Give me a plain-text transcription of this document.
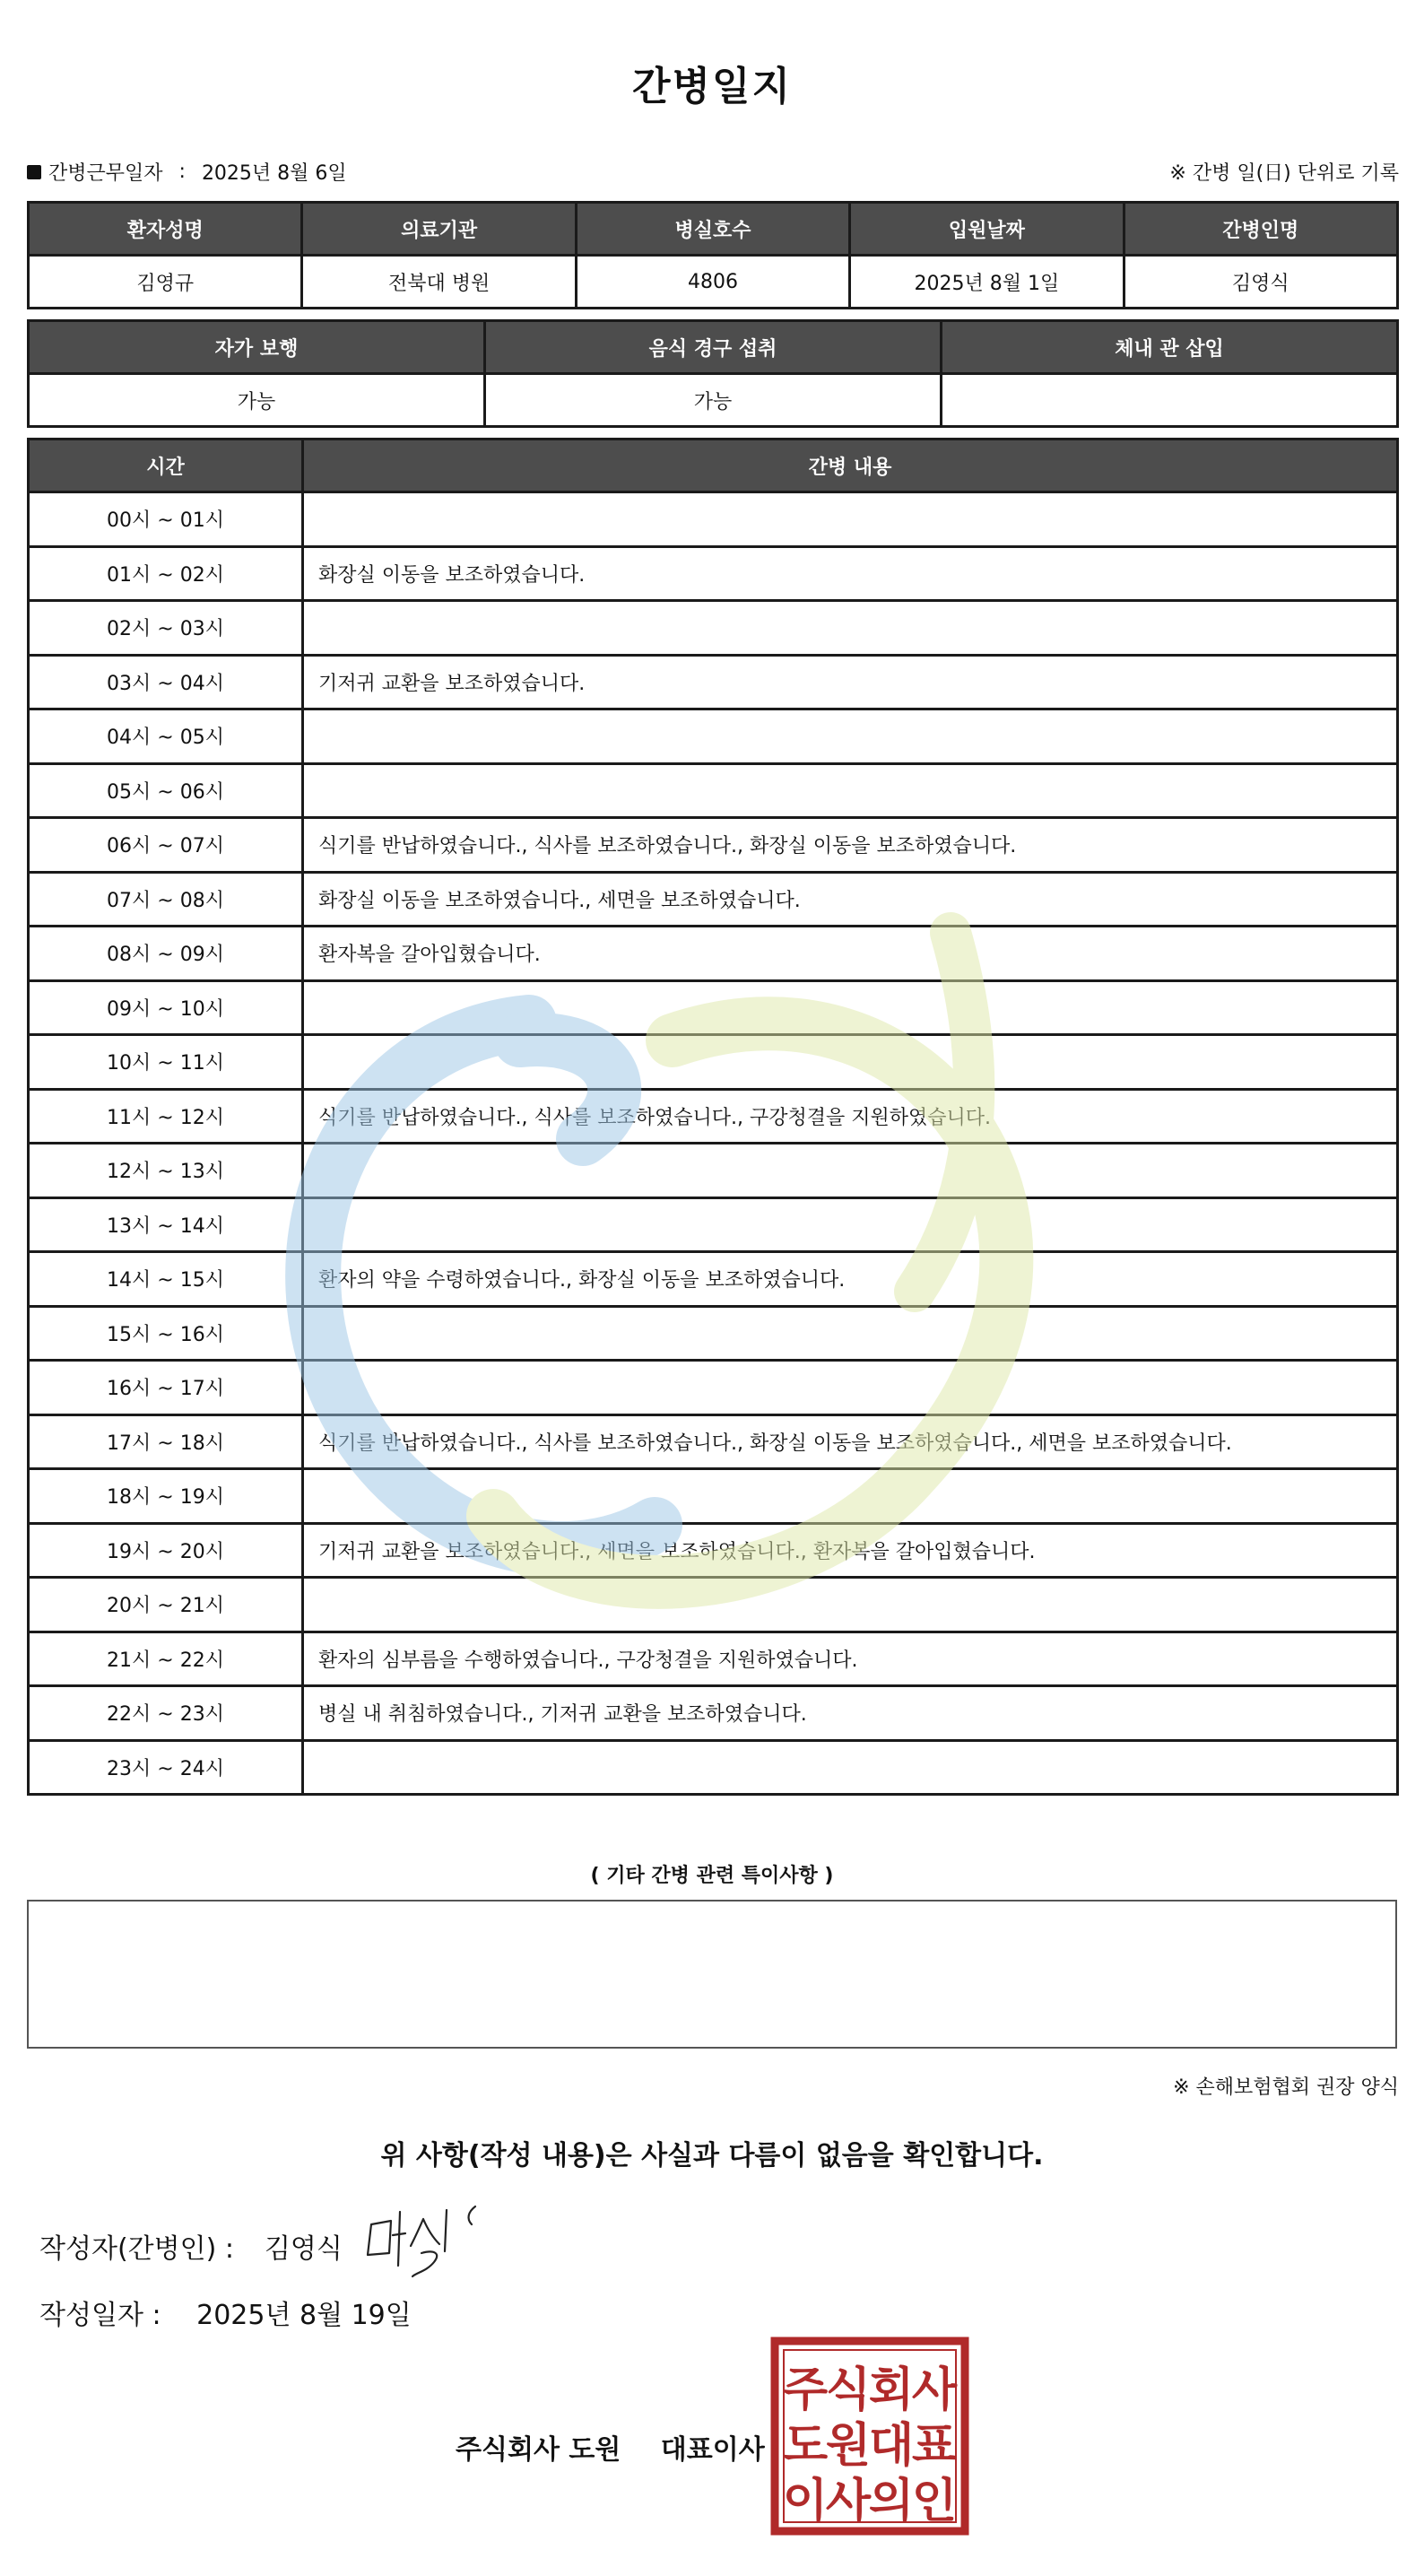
간병일지
간병근무일자 : 2025년 8월 6일	※ 간병 일(日) 단위로 기록
환자성명	의료기관	병실호수	입원날짜	간병인명
김영규	전북대 병원	4806	2025년 8월 1일	김영식
자가 보행	음식 경구 섭취	체내 관 삽입
가능	가능	
시간	간병 내용
00시 ~ 01시	
01시 ~ 02시	화장실 이동을 보조하였습니다.
02시 ~ 03시	
03시 ~ 04시	기저귀 교환을 보조하였습니다.
04시 ~ 05시	
05시 ~ 06시	
06시 ~ 07시	식기를 반납하였습니다., 식사를 보조하였습니다., 화장실 이동을 보조하였습니다.
07시 ~ 08시	화장실 이동을 보조하였습니다., 세면을 보조하였습니다.
08시 ~ 09시	환자복을 갈아입혔습니다.
09시 ~ 10시	
10시 ~ 11시	
11시 ~ 12시	식기를 반납하였습니다., 식사를 보조하였습니다., 구강청결을 지원하였습니다.
12시 ~ 13시	
13시 ~ 14시	
14시 ~ 15시	환자의 약을 수령하였습니다., 화장실 이동을 보조하였습니다.
15시 ~ 16시	
16시 ~ 17시	
17시 ~ 18시	식기를 반납하였습니다., 식사를 보조하였습니다., 화장실 이동을 보조하였습니다., 세면을 보조하였습니다.
18시 ~ 19시	
19시 ~ 20시	기저귀 교환을 보조하였습니다., 세면을 보조하였습니다., 환자복을 갈아입혔습니다.
20시 ~ 21시	
21시 ~ 22시	환자의 심부름을 수행하였습니다., 구강청결을 지원하였습니다.
22시 ~ 23시	병실 내 취침하였습니다., 기저귀 교환을 보조하였습니다.
23시 ~ 24시	
( 기타 간병 관련 특이사항 )
※ 손해보험협회 권장 양식
위 사항(작성 내용)은 사실과 다름이 없음을 확인합니다.
작성자(간병인) : 김영식
작성일자 : 2025년 8월 19일
주식회사 도원 대표이사
주
식
회
사
도
원
대
표
이
사
의
인
